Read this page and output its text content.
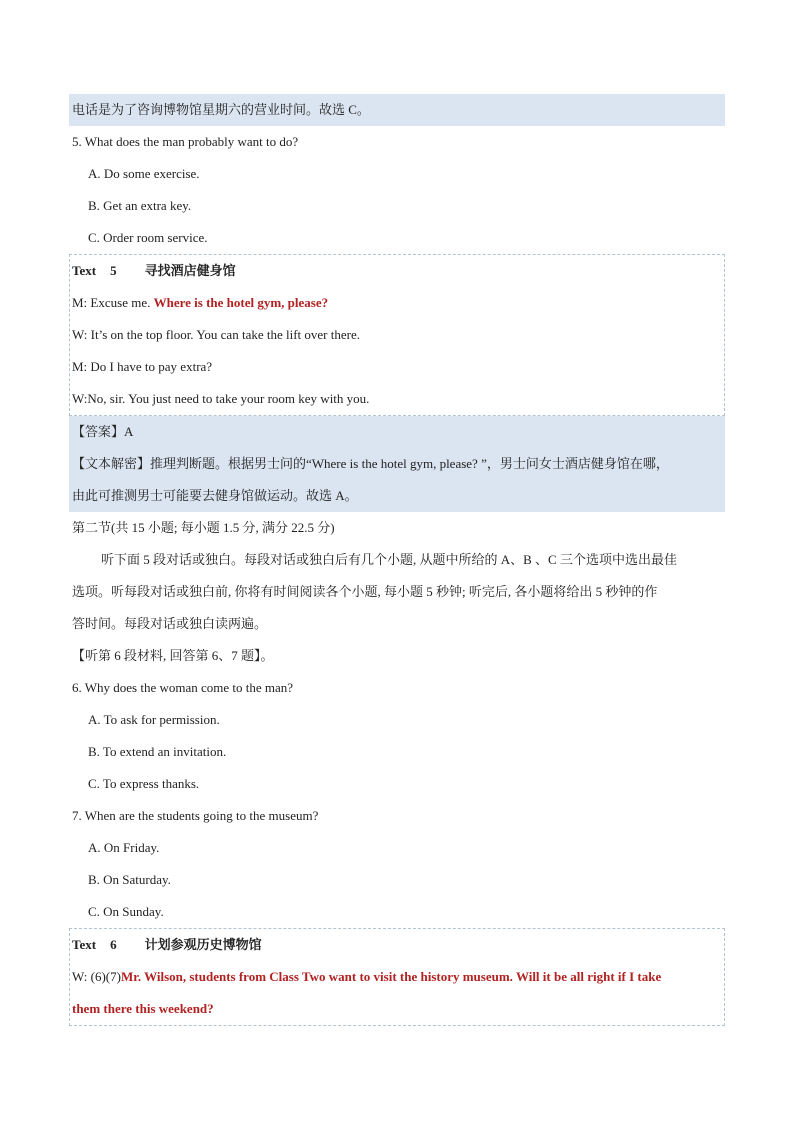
电话是为了咨询博物馆星期六的营业时间。故选 C。
5. What does the man probably want to do?
A. Do some exercise.
B. Get an extra key.
C. Order room service.
Text 5 寻找酒店健身馆
M: Excuse me. Where is the hotel gym, please?
W: It’s on the top floor. You can take the lift over there.
M: Do I have to pay extra?
W:No, sir. You just need to take your room key with you.
【答案】A
【文本解密】推理判断题。根据男士问的“Where is the hotel gym, please? ”，男士问女士酒店健身馆在哪，
由此可推测男士可能要去健身馆做运动。故选 A。
第二节(共 15 小题; 每小题 1.5 分, 满分 22.5 分)
听下面 5 段对话或独白。每段对话或独白后有几个小题, 从题中所给的 A、B 、C 三个选项中选出最佳
选项。听每段对话或独白前, 你将有时间阅读各个小题, 每小题 5 秒钟; 听完后, 各小题将给出 5 秒钟的作
答时间。每段对话或独白读两遍。
【听第 6 段材料, 回答第 6、7 题】。
6. Why does the woman come to the man?
A. To ask for permission.
B. To extend an invitation.
C. To express thanks.
7. When are the students going to the museum?
A. On Friday.
B. On Saturday.
C. On Sunday.
Text 6 计划参观历史博物馆
W: (6)(7)Mr. Wilson, students from Class Two want to visit the history museum. Will it be all right if I take
them there this weekend?
